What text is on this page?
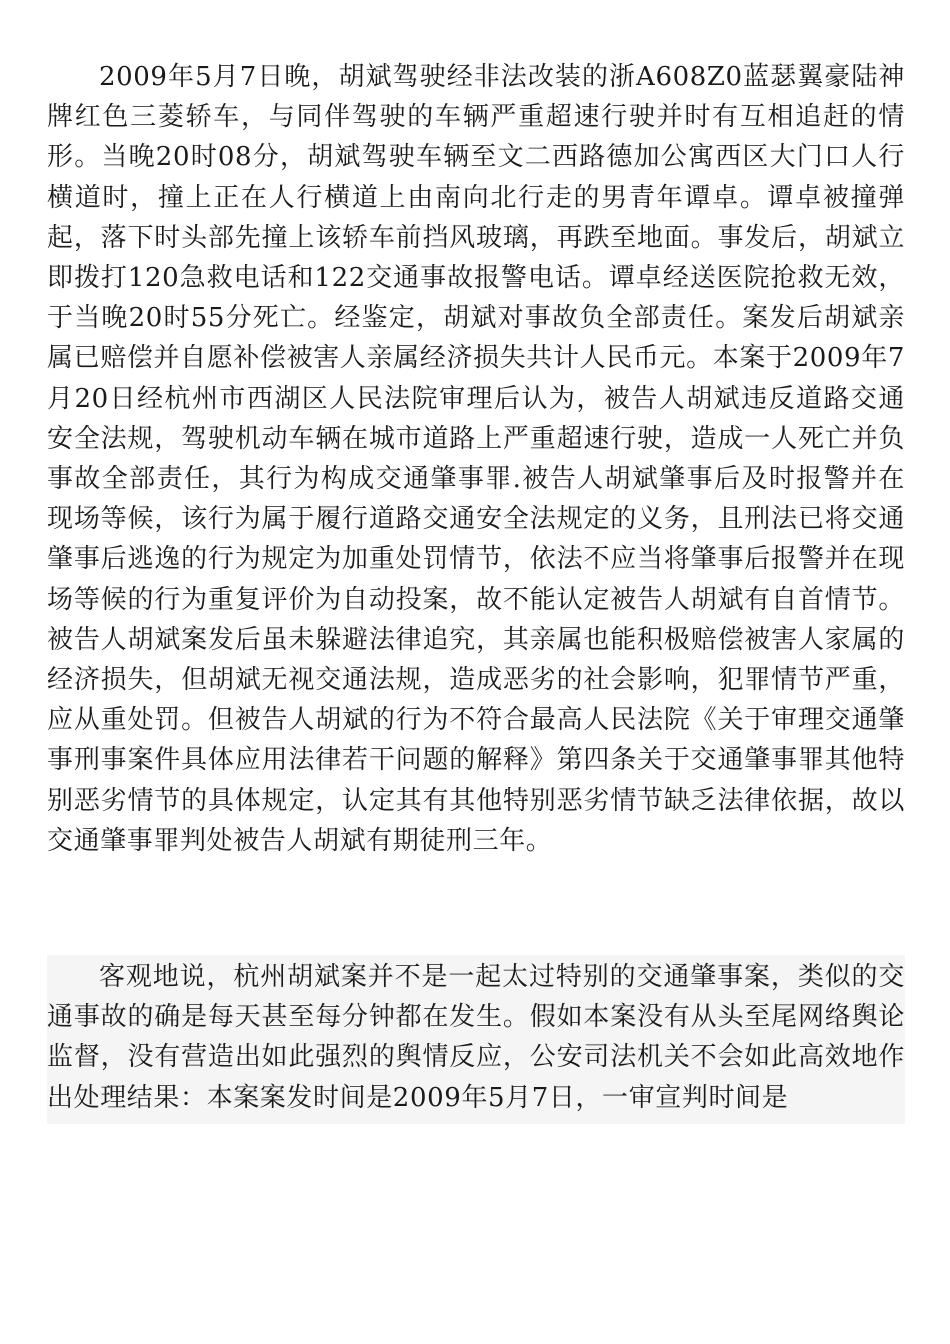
2009年5月7日晚，胡斌驾驶经非法改装的浙A608Z0蓝瑟翼豪陆神牌红色三菱轿车，与同伴驾驶的车辆严重超速行驶并时有互相追赶的情形。当晚20时08分，胡斌驾驶车辆至文二西路德加公寓西区大门口人行横道时，撞上正在人行横道上由南向北行走的男青年谭卓。谭卓被撞弹起，落下时头部先撞上该轿车前挡风玻璃，再跌至地面。事发后，胡斌立即拨打120急救电话和122交通事故报警电话。谭卓经送医院抢救无效，于当晚20时55分死亡。经鉴定，胡斌对事故负全部责任。案发后胡斌亲属已赔偿并自愿补偿被害人亲属经济损失共计人民币元。本案于2009年7月20日经杭州市西湖区人民法院审理后认为，被告人胡斌违反道路交通安全法规，驾驶机动车辆在城市道路上严重超速行驶，造成一人死亡并负事故全部责任，其行为构成交通肇事罪.被告人胡斌肇事后及时报警并在现场等候，该行为属于履行道路交通安全法规定的义务，且刑法已将交通肇事后逃逸的行为规定为加重处罚情节，依法不应当将肇事后报警并在现场等候的行为重复评价为自动投案，故不能认定被告人胡斌有自首情节。被告人胡斌案发后虽未躲避法律追究，其亲属也能积极赔偿被害人家属的经济损失，但胡斌无视交通法规，造成恶劣的社会影响，犯罪情节严重，应从重处罚。但被告人胡斌的行为不符合最高人民法院《关于审理交通肇事刑事案件具体应用法律若干问题的解释》第四条关于交通肇事罪其他特别恶劣情节的具体规定，认定其有其他特别恶劣情节缺乏法律依据，故以交通肇事罪判处被告人胡斌有期徒刑三年。

客观地说，杭州胡斌案并不是一起太过特别的交通肇事案，类似的交通事故的确是每天甚至每分钟都在发生。假如本案没有从头至尾网络舆论监督，没有营造出如此强烈的舆情反应，公安司法机关不会如此高效地作出处理结果：本案案发时间是2009年5月7日，一审宣判时间是
